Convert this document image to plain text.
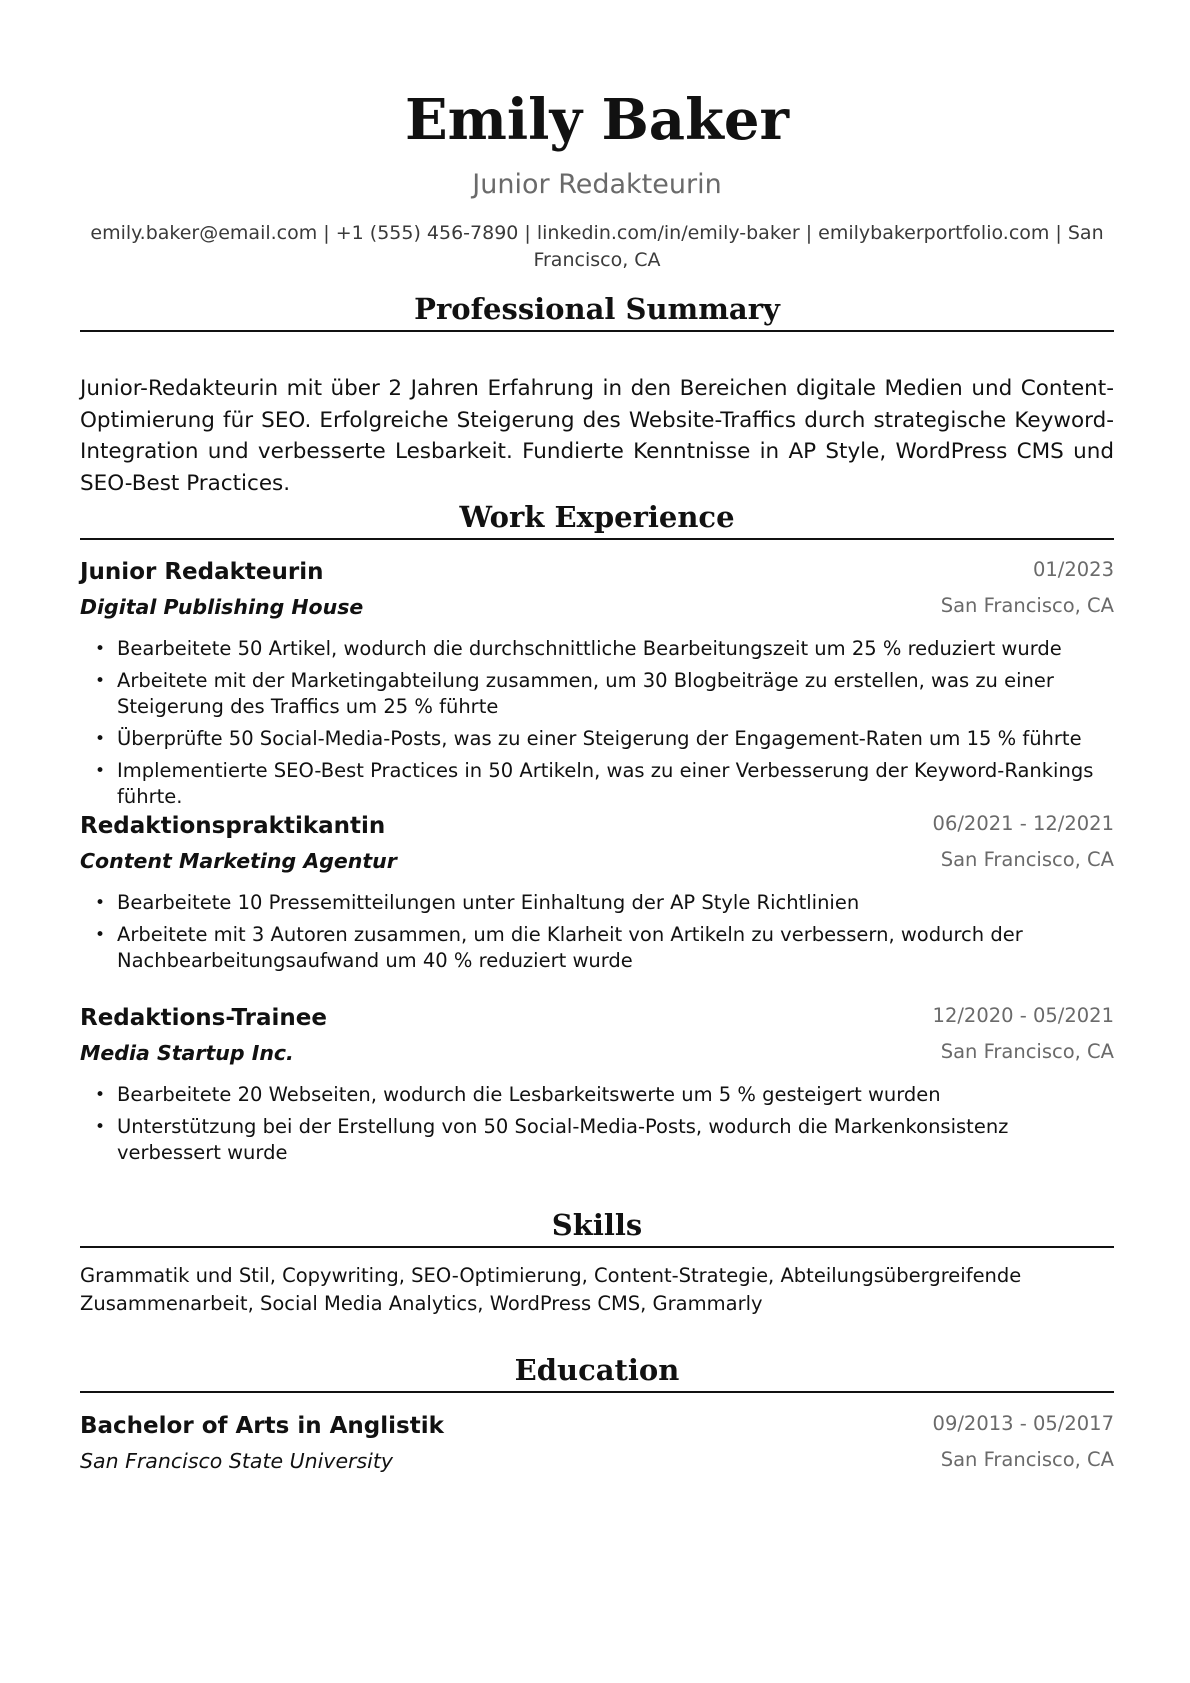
Emily Baker
Junior Redakteurin
emily.baker@email.com | +1 (555) 456-7890 | linkedin.com/in/emily-baker | emilybakerportfolio.com | San Francisco, CA
Professional Summary

Junior-Redakteurin mit über 2 Jahren Erfahrung in den Bereichen digitale Medien und Content-Optimierung für SEO. Erfolgreiche Steigerung des Website-Traffics durch strategische Keyword-Integration und verbesserte Lesbarkeit. Fundierte Kenntnisse in AP Style, WordPress CMS und SEO-Best Practices.

Work Experience
Junior Redakteurin	01/2023
Digital Publishing House	San Francisco, CA
• Bearbeitete 50 Artikel, wodurch die durchschnittliche Bearbeitungszeit um 25 % reduziert wurde
• Arbeitete mit der Marketingabteilung zusammen, um 30 Blogbeiträge zu erstellen, was zu einer Steigerung des Traffics um 25 % führte
• Überprüfte 50 Social-Media-Posts, was zu einer Steigerung der Engagement-Raten um 15 % führte
• Implementierte SEO-Best Practices in 50 Artikeln, was zu einer Verbesserung der Keyword-Rankings führte.
Redaktionspraktikantin	06/2021 - 12/2021
Content Marketing Agentur	San Francisco, CA
• Bearbeitete 10 Pressemitteilungen unter Einhaltung der AP Style Richtlinien
• Arbeitete mit 3 Autoren zusammen, um die Klarheit von Artikeln zu verbessern, wodurch der Nachbearbeitungsaufwand um 40 % reduziert wurde
Redaktions-Trainee	12/2020 - 05/2021
Media Startup Inc.	San Francisco, CA
• Bearbeitete 20 Webseiten, wodurch die Lesbarkeitswerte um 5 % gesteigert wurden
• Unterstützung bei der Erstellung von 50 Social-Media-Posts, wodurch die Markenkonsistenz verbessert wurde
Skills

Grammatik und Stil, Copywriting, SEO-Optimierung, Content-Strategie, Abteilungsübergreifende Zusammenarbeit, Social Media Analytics, WordPress CMS, Grammarly

Education
Bachelor of Arts in Anglistik	09/2013 - 05/2017
San Francisco State University	San Francisco, CA
